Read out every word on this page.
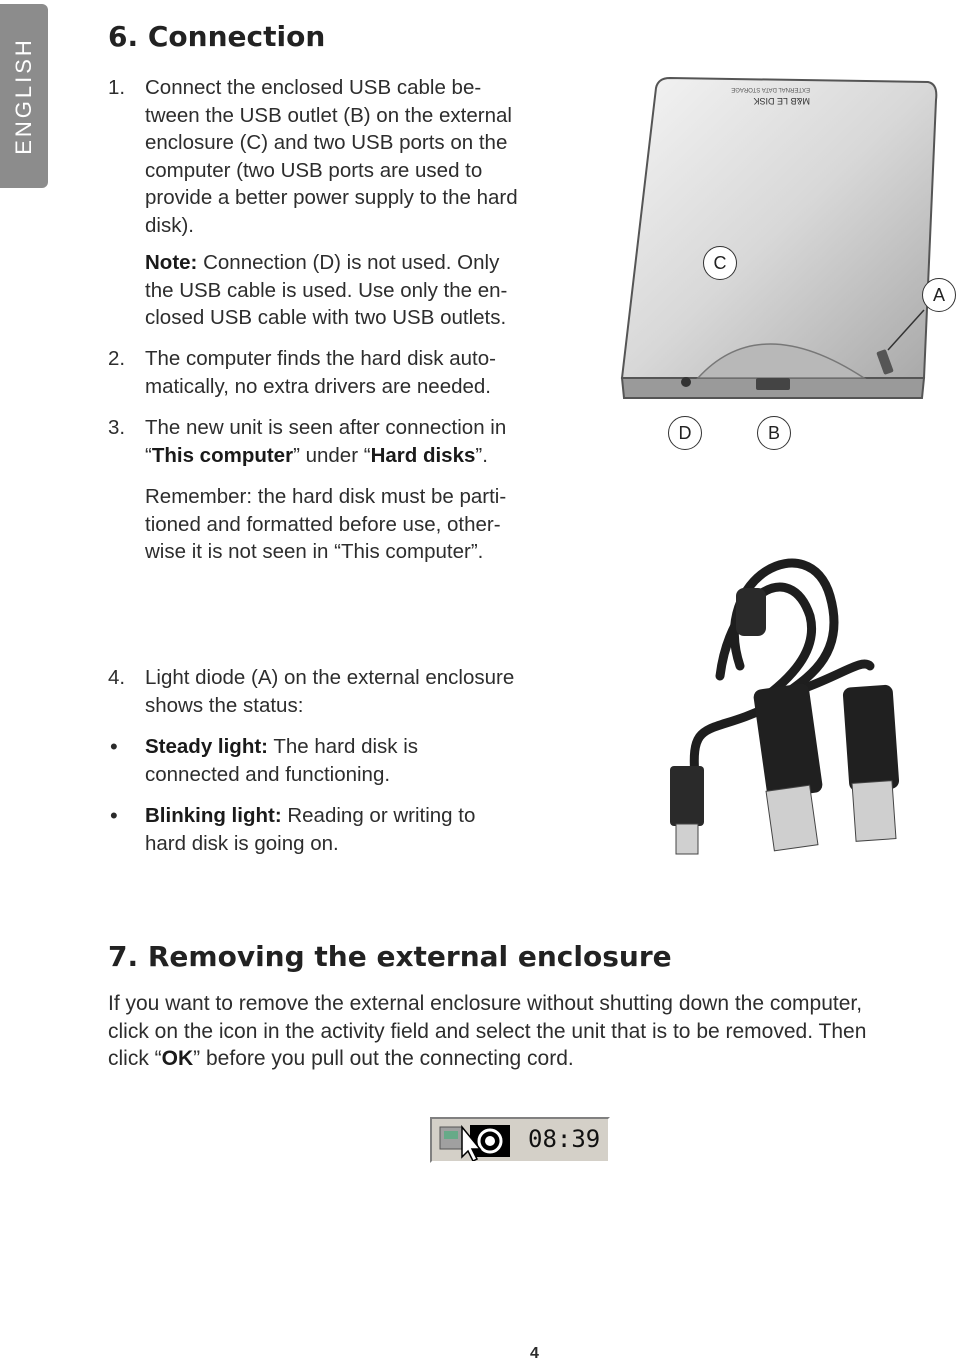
ENGLISH
6. Connection
1. Connect the enclosed USB cable be-
tween the USB outlet (B) on the external
enclosure (C) and two USB ports on the
computer (two USB ports are used to
provide a better power supply to the hard
disk).
Note: Connection (D) is not used. Only
the USB cable is used. Use only the en-
closed USB cable with two USB outlets.
2. The computer finds the hard disk auto-
matically, no extra drivers are needed.
3. The new unit is seen after connection in
“This computer” under “Hard disks”.
Remember: the hard disk must be parti-
tioned and formatted before use, other-
wise it is not seen in “This computer”.
4. Light diode (A) on the external enclosure
shows the status:
• Steady light: The hard disk is
connected and functioning.
• Blinking light: Reading or writing to
hard disk is going on.
M&B LE DISK
EXTERNAL DATA STORAGE
C
A
D	B
7. Removing the external enclosure
If you want to remove the external enclosure without shutting down the computer,
click on the icon in the activity field and select the unit that is to be removed. Then
click “OK” before you pull out the connecting cord.
08:39
4
